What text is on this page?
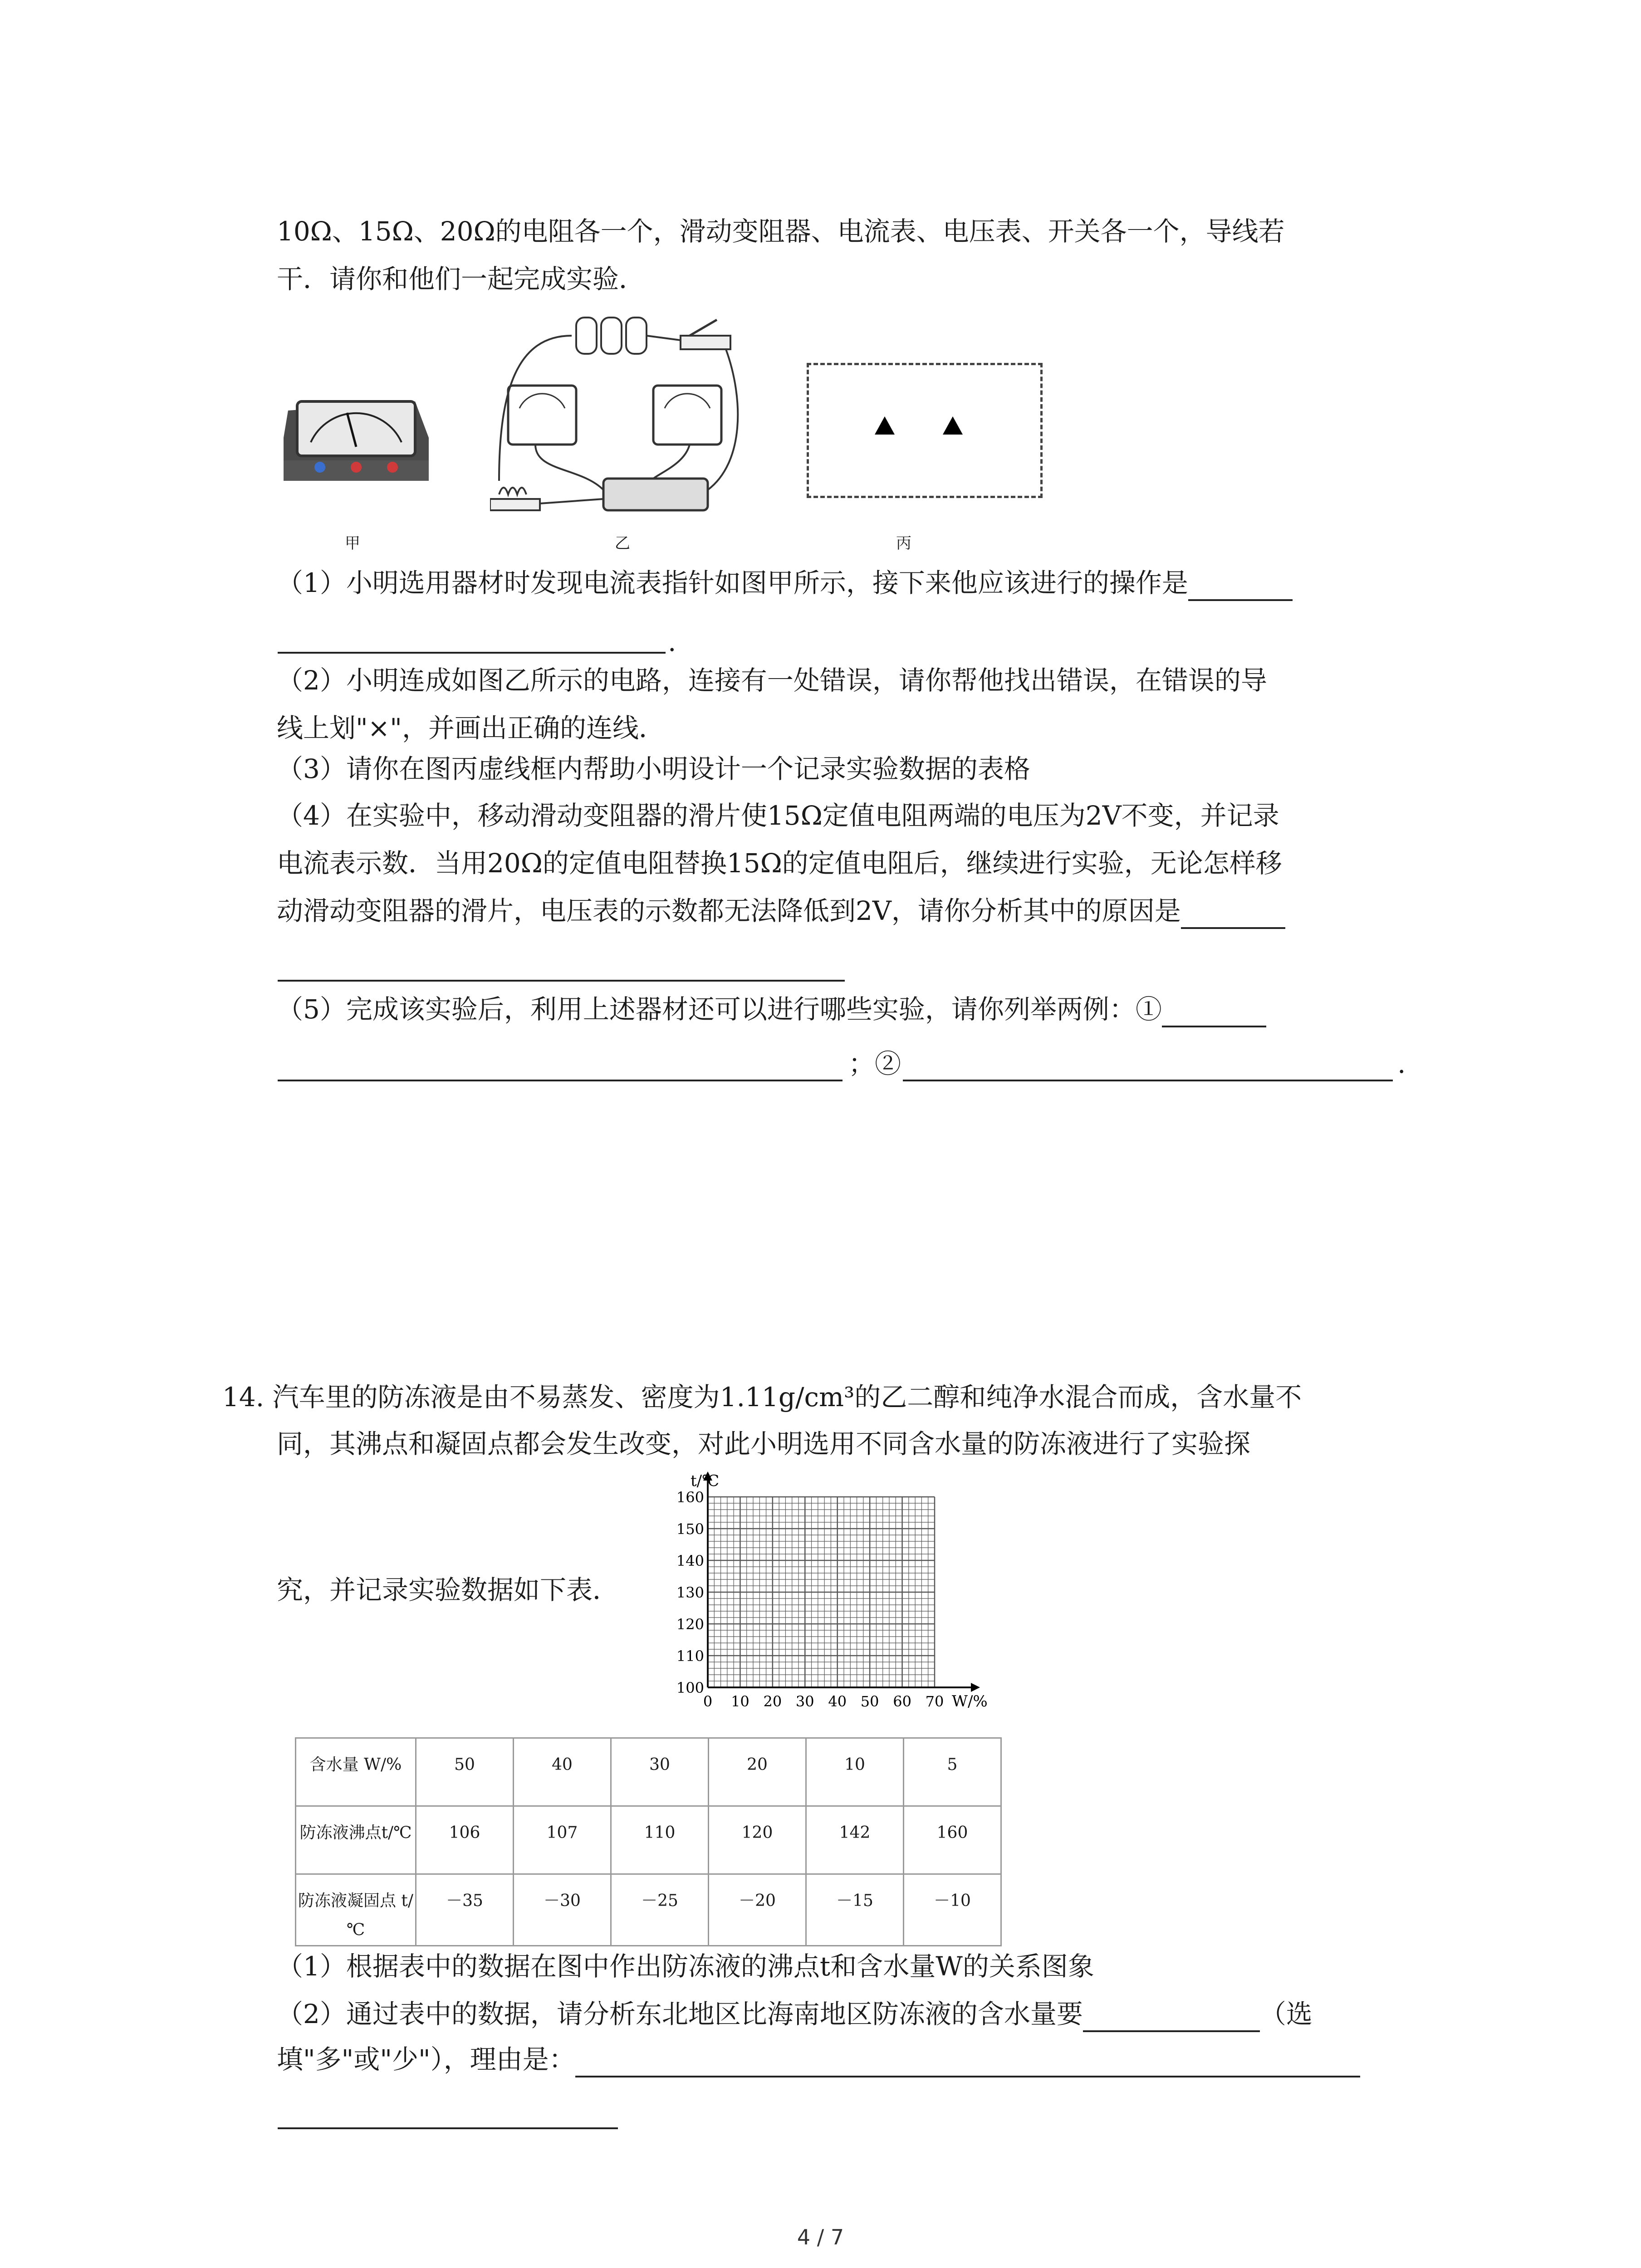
10Ω、15Ω、20Ω的电阻各一个，滑动变阻器、电流表、电压表、开关各一个，导线若
干．请你和他们一起完成实验．
甲	乙	丙
（1）小明选用器材时发现电流表指针如图甲所示，接下来他应该进行的操作是
.
（2）小明连成如图乙所示的电路，连接有一处错误，请你帮他找出错误，在错误的导
线上划"×"，并画出正确的连线．
（3）请你在图丙虚线框内帮助小明设计一个记录实验数据的表格
（4）在实验中，移动滑动变阻器的滑片使15Ω定值电阻两端的电压为2V不变，并记录
电流表示数．当用20Ω的定值电阻替换15Ω的定值电阻后，继续进行实验，无论怎样移
动滑动变阻器的滑片，电压表的示数都无法降低到2V，请你分析其中的原因是
（5）完成该实验后，利用上述器材还可以进行哪些实验，请你列举两例：①
；②	.
14. 汽车里的防冻液是由不易蒸发、密度为1.11g/cm³的乙二醇和纯净水混合而成，含水量不
同，其沸点和凝固点都会发生改变，对此小明选用不同含水量的防冻液进行了实验探
究，并记录实验数据如下表．
160
150
140
130
120
110
100
0 10 20 30 40 50 60 70
t/℃
W/%
含水量 W/%	50	40	30	20	10	5
防冻液沸点t/℃	106	107	110	120	142	160
防冻液凝固点 t/℃	－35	－30	－25	－20	－15	－10
（1）根据表中的数据在图中作出防冻液的沸点t和含水量W的关系图象
（2）通过表中的数据，请分析东北地区比海南地区防冻液的含水量要	（选
填"多"或"少"），理由是：
4 / 7
